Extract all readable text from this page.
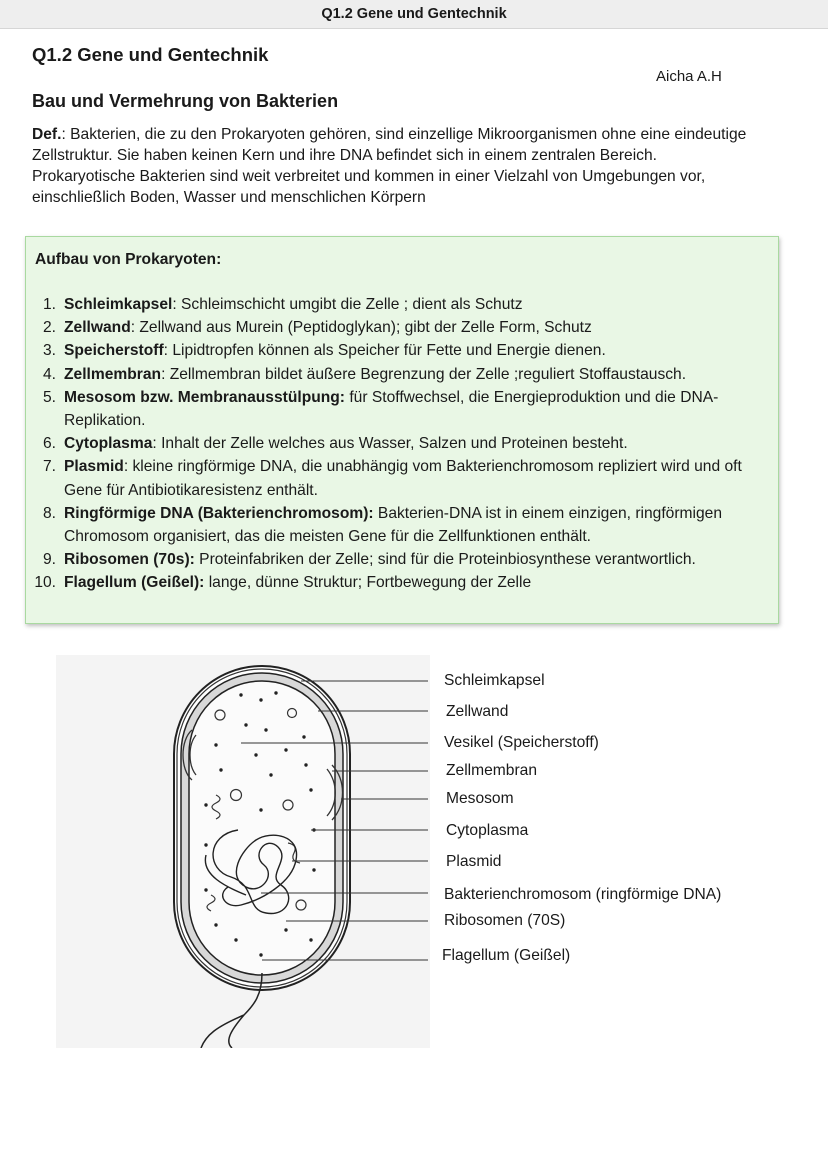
Q1.2 Gene und Gentechnik
Q1.2 Gene und Gentechnik
Aicha A.H
Bau und Vermehrung von Bakterien
Def.: Bakterien, die zu den Prokaryoten gehören, sind einzellige Mikroorganismen ohne eine eindeutige Zellstruktur. Sie haben keinen Kern und ihre DNA befindet sich in einem zentralen Bereich. Prokaryotische Bakterien sind weit verbreitet und kommen in einer Vielzahl von Umgebungen vor, einschließlich Boden, Wasser und menschlichen Körpern
Aufbau von Prokaryoten:
1. Schleimkapsel: Schleimschicht umgibt die Zelle ; dient als Schutz
2. Zellwand: Zellwand aus Murein (Peptidoglykan); gibt der Zelle Form, Schutz
3. Speicherstoff: Lipidtropfen können als Speicher für Fette und Energie dienen.
4. Zellmembran: Zellmembran bildet äußere Begrenzung der Zelle ;reguliert Stoffaustausch.
5. Mesosom bzw. Membranausstülpung: für Stoffwechsel, die Energieproduktion und die DNA-Replikation.
6. Cytoplasma: Inhalt der Zelle welches aus Wasser, Salzen und Proteinen besteht.
7. Plasmid: kleine ringförmige DNA, die unabhängig vom Bakterienchromosom repliziert wird und oft Gene für Antibiotikaresistenz enthält.
8. Ringförmige DNA (Bakterienchromosom): Bakterien-DNA ist in einem einzigen, ringförmigen Chromosom organisiert, das die meisten Gene für die Zellfunktionen enthält.
9. Ribosomen (70s): Proteinfabriken der Zelle; sind für die Proteinbiosynthese verantwortlich.
10. Flagellum (Geißel): lange, dünne Struktur; Fortbewegung der Zelle
Schleimkapsel
Zellwand
Vesikel (Speicherstoff)
Zellmembran
Mesosom
Cytoplasma
Plasmid
Bakterienchromosom (ringförmige DNA)
Ribosomen (70S)
Flagellum (Geißel)
